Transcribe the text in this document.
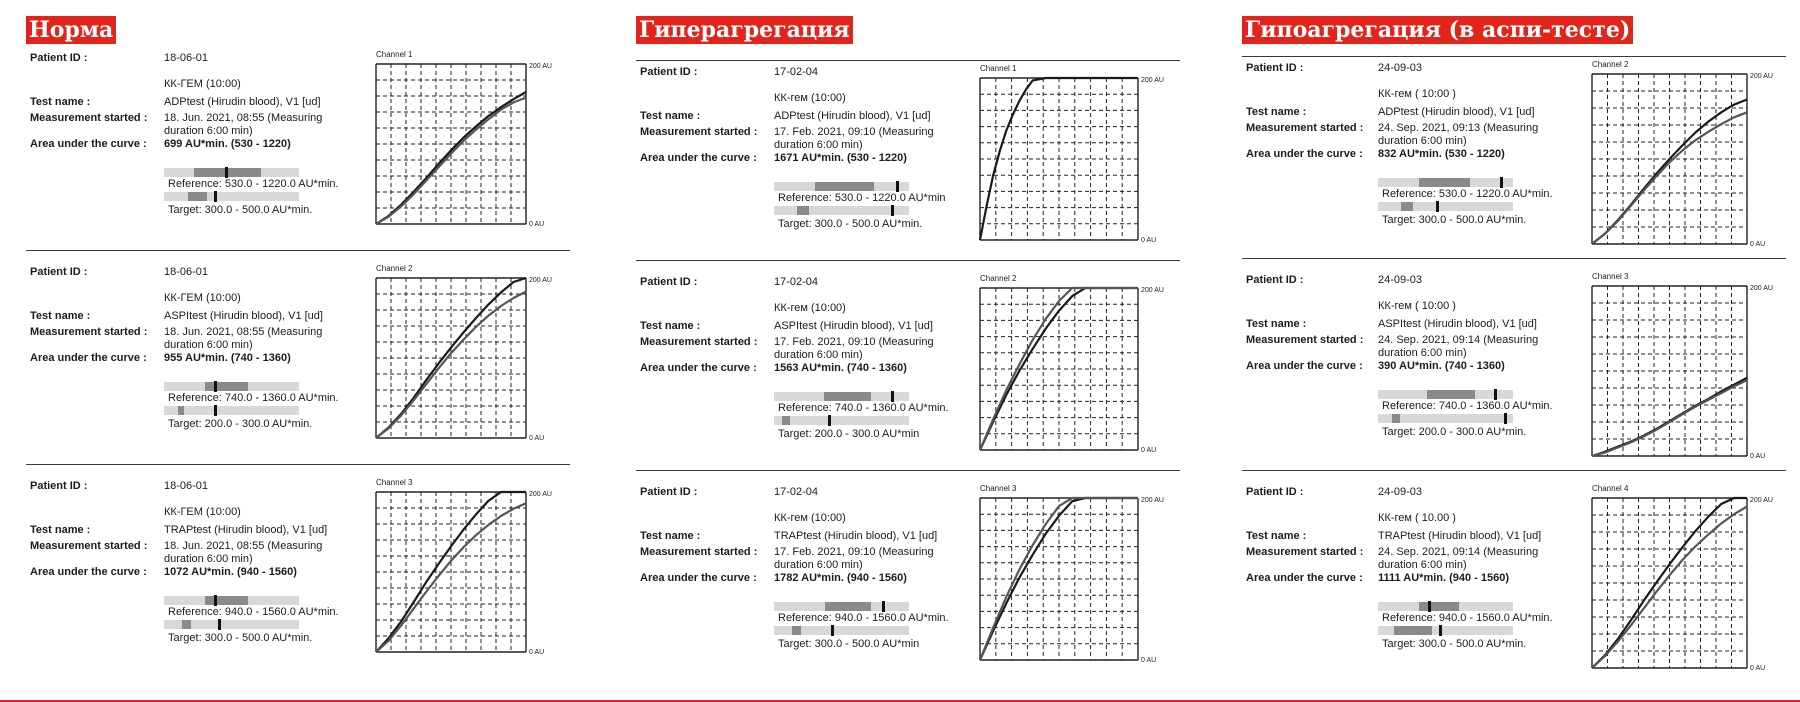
Норма
Patient ID :
Test name :
Measurement started :
Area under the curve :
18-06-01
КК-ГЕМ (10:00)
ADPtest (Hirudin blood), V1 [ud]
18. Jun. 2021, 08:55 (Measuring duration 6:00 min)
699 AU*min. (530 - 1220)
Reference: 530.0 - 1220.0 AU*min.
Target: 300.0 - 500.0 AU*min.
Channel 1
200 AU
0 AU
Patient ID :
Test name :
Measurement started :
Area under the curve :
18-06-01
КК-ГЕМ (10:00)
ASPItest (Hirudin blood), V1 [ud]
18. Jun. 2021, 08:55 (Measuring duration 6:00 min)
955 AU*min. (740 - 1360)
Reference: 740.0 - 1360.0 AU*min.
Target: 200.0 - 300.0 AU*min.
Channel 2
200 AU
0 AU
Patient ID :
Test name :
Measurement started :
Area under the curve :
18-06-01
КК-ГЕМ (10:00)
TRAPtest (Hirudin blood), V1 [ud]
18. Jun. 2021, 08:55 (Measuring duration 6:00 min)
1072 AU*min. (940 - 1560)
Reference: 940.0 - 1560.0 AU*min.
Target: 300.0 - 500.0 AU*min.
Channel 3
200 AU
0 AU
Гиперагрегация
Patient ID :
Test name :
Measurement started :
Area under the curve :
17-02-04
КК-гем (10:00)
ADPtest (Hirudin blood), V1 [ud]
17. Feb. 2021, 09:10 (Measuring duration 6:00 min)
1671 AU*min. (530 - 1220)
Reference: 530.0 - 1220.0 AU*min
Target: 300.0 - 500.0 AU*min.
Channel 1
200 AU
0 AU
Patient ID :
Test name :
Measurement started :
Area under the curve :
17-02-04
КК-гем (10:00)
ASPItest (Hirudin blood), V1 [ud]
17. Feb. 2021, 09:10 (Measuring duration 6:00 min)
1563 AU*min. (740 - 1360)
Reference: 740.0 - 1360.0 AU*min.
Target: 200.0 - 300.0 AU*min
Channel 2
200 AU
0 AU
Patient ID :
Test name :
Measurement started :
Area under the curve :
17-02-04
КК-гем (10:00)
TRAPtest (Hirudin blood), V1 [ud]
17. Feb. 2021, 09:10 (Measuring duration 6:00 min)
1782 AU*min. (940 - 1560)
Reference: 940.0 - 1560.0 AU*min.
Target: 300.0 - 500.0 AU*min
Channel 3
200 AU
0 AU
Гипоагрегация (в аспи-тесте)
Patient ID :
Test name :
Measurement started :
Area under the curve :
24-09-03
КК-гем ( 10:00 )
ADPtest (Hirudin blood), V1 [ud]
24. Sep. 2021, 09:13 (Measuring duration 6:00 min)
832 AU*min. (530 - 1220)
Reference: 530.0 - 1220.0 AU*min.
Target: 300.0 - 500.0 AU*min.
Channel 2
200 AU
0 AU
Patient ID :
Test name :
Measurement started :
Area under the curve :
24-09-03
КК-гем ( 10:00 )
ASPItest (Hirudin blood), V1 [ud]
24. Sep. 2021, 09:14 (Measuring duration 6:00 min)
390 AU*min. (740 - 1360)
Reference: 740.0 - 1360.0 AU*min.
Target: 200.0 - 300.0 AU*min.
Channel 3
200 AU
0 AU
Patient ID :
Test name :
Measurement started :
Area under the curve :
24-09-03
КК-гем ( 10.00 )
TRAPtest (Hirudin blood), V1 [ud]
24. Sep. 2021, 09:14 (Measuring duration 6:00 min)
1111 AU*min. (940 - 1560)
Reference: 940.0 - 1560.0 AU*min.
Target: 300.0 - 500.0 AU*min.
Channel 4
200 AU
0 AU
